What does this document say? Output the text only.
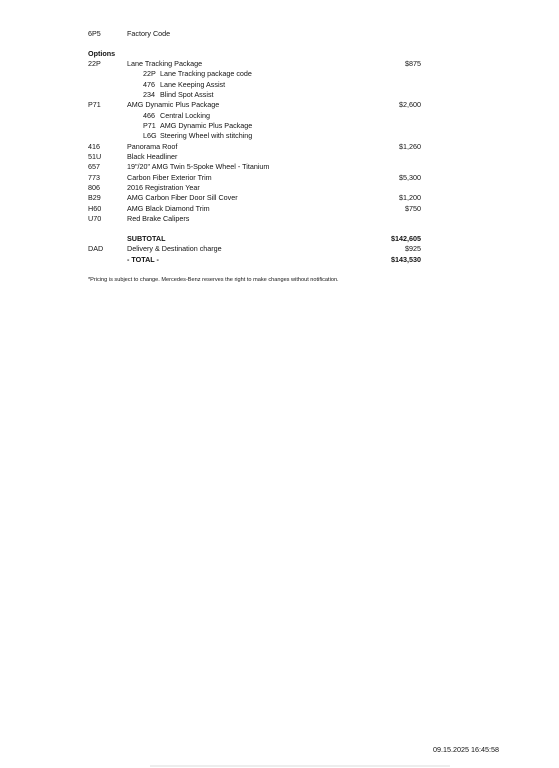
6P5	Factory Code
Options
22P	Lane Tracking Package	$875
22P Lane Tracking package code
476 Lane Keeping Assist
234 Blind Spot Assist
P71	AMG Dynamic Plus Package	$2,600
466 Central Locking
P71 AMG Dynamic Plus Package
L6G Steering Wheel with stitching
416	Panorama Roof	$1,260
51U	Black Headliner
657	19"/20" AMG Twin 5-Spoke Wheel - Titanium
773	Carbon Fiber Exterior Trim	$5,300
806	2016 Registration Year
B29	AMG Carbon Fiber Door Sill Cover	$1,200
H60	AMG Black Diamond Trim	$750
U70	Red Brake Calipers
SUBTOTAL	$142,605
DAD	Delivery & Destination charge	$925
- TOTAL -	$143,530
*Pricing is subject to change. Mercedes-Benz reserves the right to make changes without notification.
09.15.2025 16:45:58
